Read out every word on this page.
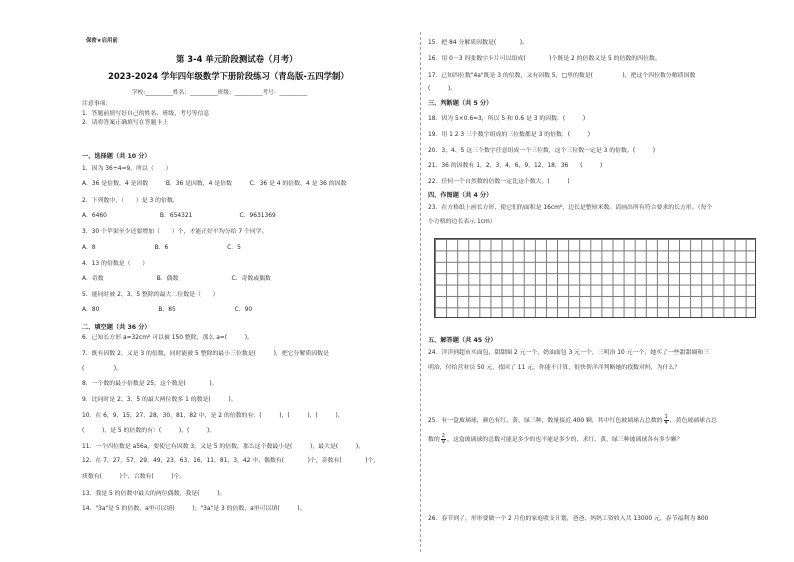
保密★启用前
第 3-4 单元阶段测试卷（月考）
2023-2024 学年四年级数学下册阶段练习（青岛版-五四学制）
学校:__________姓名：__________班级：__________考号：__________
注意事项：
1．答题前填写好自己的姓名、班级、考号等信息
2．请将答案正确填写在答题卡上
一、选择题（共 10 分）
1．因为 36÷4=9，所以（　　）
A．36 是倍数，4 是因数　　　B．36 是因数，4 是倍数　　　C．36 是 4 的倍数，4 是 36 的因数
2．下列数中，（　　）是 3 的倍数.
A．6460　　　　　　　　　B．654321　　　　　　　　C．9631369
3．30 个苹果至少还要增加（　　）个，才能正好平均分给 7 个同学。
A．8　　　　　　　　　　B．6　　　　　　　　　　C．5
4．13 的倍数是（　　）
A．奇数　　　　　　　　　B．偶数　　　　　　　　　C．奇数或偶数
5．能同时被 2、3、5 整除的最大二位数是（　　）
A．80　　　　　　　　　　B．85　　　　　　　　　　C．90
二、填空题（共 36 分）
6．已知长方形 a=32cm² 可以被 150 整除，那么 a=(　　　)。
7．既有因数 2，又是 3 的倍数，同时能被 5 整除的最小三位数是(　　　)，把它分解质因数是
(　　　　　)。
8．一个数的最小倍数是 25，这个数是(　　　　)。
9．比同时是 2、3、5 的最大两位数多 1 的数是(　　　)。
10．在 6，9，15，27，28，30，81，82 中，是 2 的倍数的有：(　　　)，(　　　)，(　　　)，
(　　　)，是 5 的倍数的有：(　　　)，(　　　)。
11．一个四位数是 a56a，要使它有因数 3，又是 5 的倍数，那么这个数最小是(　　　)，最大是(　　　)。
12．在 7，27，57，29，49，23，63，16，11，81，3，42 中，偶数有(　　　　)个，奇数有(　　　　)个，
质数有(　　　)个，合数有(　　　)个。
13．我是 5 的倍数中最大的两位偶数，我是(　　　)。
14．"3a"是 5 的倍数，a里可以填(　　　)；"3a"是 3 的倍数，a里可以填(　　　)。
15．把 84 分解质因数是(　　　　)。
16．用 0－3 四张数字卡片可以组成(　　　　)个既是 2 的倍数又是 5 的倍数的四位数。
17．已知四位数"4a"既是 3 的倍数，又有因数 5，□里的数是(　　　　　)，把这个四位数分解质因数
(　　　)。
三、判断题（共 5 分）
18．因为 5×0.6=3，所以 5 和 0.6 是 3 的因数．(　　　)
19．用 1 2 3 三个数字组成的三位数都是 3 的倍数．(　　　)
20．3、4、5 这三个数字任意组成一个三位数，这个三位数一定是 3 的倍数。(　　　)
21．36 的因数有 1，2，3，4，6，9，12，18，36　　(　　　)
22．任何一个自然数的倍数一定比这个数大。(　　　)
四、作图题（共 4 分）
23．在方格纸上画长方形，使它们的面积是 16cm²，边长是整厘米数。请画出所有符合要求的长方形。（每个
小方格的边长表示 1cm）
五、解答题（共 45 分）
24．洋洋到超市买面包，甜甜圈 2 元一个，奶油面包 3 元一个，三明治 10 元一个，她买了一些甜甜圈和三
明治，付给营业员 50 元，找回了 11 元，你能不计算，很快帮洋洋判断她的找数对吗，为什么？
25．有一盒玻璃球，颜色有红、黄、绿三种，数量接近 400 颗，其中红色玻璃球占总数的 $\frac{1}{4}$ ，黄色玻璃球占总
数的 $\frac{2}{9}$ ，这盒玻璃球的总数可能是多少的也不能是多少的，求红、黄、绿三种玻璃球各有多少颗？
26．春节到了，形形要做一个 2 月份的家庭收支计划，爸爸、妈妈工资收入共 13000 元，春节福利为 800
